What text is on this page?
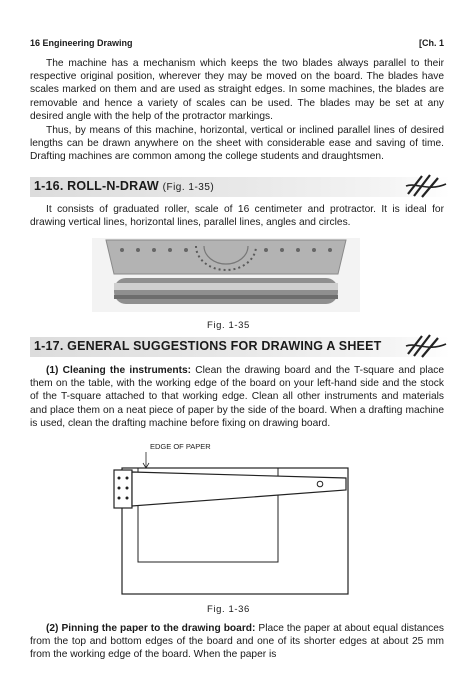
16 Engineering Drawing	[Ch. 1

The machine has a mechanism which keeps the two blades always parallel to their respective original position, wherever they may be moved on the board. The blades have scales marked on them and are used as straight edges. In some machines, the blades are removable and hence a variety of scales can be used. The blades may be set at any desired angle with the help of the protractor markings.

Thus, by means of this machine, horizontal, vertical or inclined parallel lines of desired lengths can be drawn anywhere on the sheet with considerable ease and saving of time. Drafting machines are common among the college students and draughtsmen.

1-16. ROLL-N-DRAW (Fig. 1-35)

It consists of graduated roller, scale of 16 centimeter and protractor. It is ideal for drawing vertical lines, horizontal lines, parallel lines, angles and circles.

Fig. 1-35
1-17. GENERAL SUGGESTIONS FOR DRAWING A SHEET

(1) Cleaning the instruments: Clean the drawing board and the T-square and place them on the table, with the working edge of the board on your left-hand side and the stock of the T-square attached to that working edge. Clean all other instruments and materials and place them on a neat piece of paper by the side of the board. When a drafting machine is used, clean the drafting machine before fixing on drawing board.

EDGE OF PAPER
Fig. 1-36

(2) Pinning the paper to the drawing board: Place the paper at about equal distances from the top and bottom edges of the board and one of its shorter edges at about 25 mm from the working edge of the board. When the paper is
